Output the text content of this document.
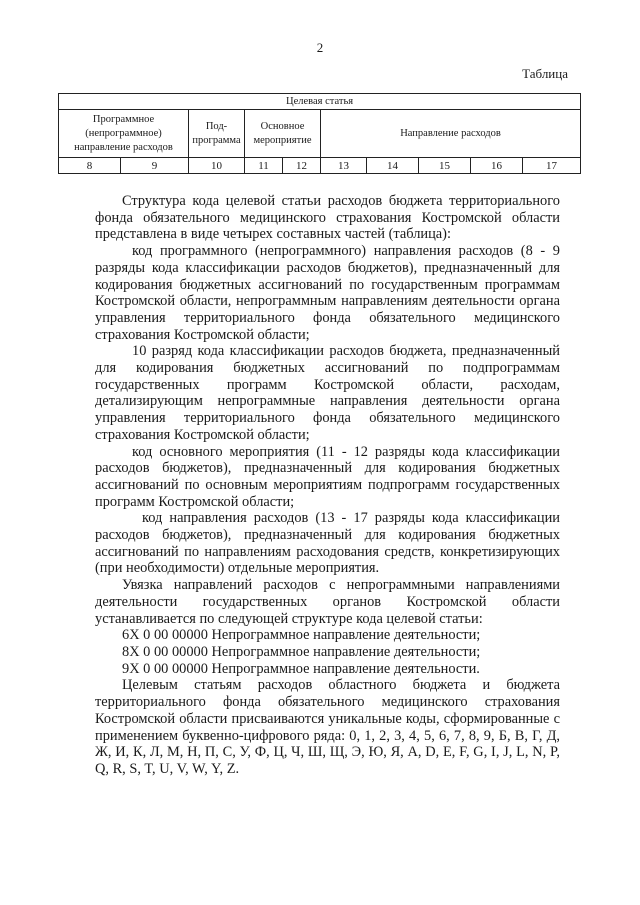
2
Таблица
Целевая статья									
Программное (непрограммное) направление расходов		Под- программа	Основное мероприятие		Направление расходов				
8	9	10	11	12	13	14	15	16	17

Структура кода целевой статьи расходов бюджета территориального фонда обязательного медицинского страхования Костромской области представлена в виде четырех составных частей (таблица):

код программного (непрограммного) направления расходов (8 - 9 разряды кода классификации расходов бюджетов), предназначенный для кодирования бюджетных ассигнований по государственным программам Костромской области, непрограммным направлениям деятельности органа управления территориального фонда обязательного медицинского страхования Костромской области;

10 разряд кода классификации расходов бюджета, предназначенный для кодирования бюджетных ассигнований по подпрограммам государственных программ Костромской области, расходам, детализирующим непрограммные направления деятельности органа управления территориального фонда обязательного медицинского страхования Костромской области;

код основного мероприятия (11 - 12 разряды кода классификации расходов бюджетов), предназначенный для кодирования бюджетных ассигнований по основным мероприятиям подпрограмм государственных программ Костромской области;

код направления расходов (13 - 17 разряды кода классификации расходов бюджетов), предназначенный для кодирования бюджетных ассигнований по направлениям расходования средств, конкретизирующих (при необходимости) отдельные мероприятия.

Увязка направлений расходов с непрограммными направлениями деятельности государственных органов Костромской области устанавливается по следующей структуре кода целевой статьи:

6Х 0 00 00000 Непрограммное направление деятельности;

8Х 0 00 00000 Непрограммное направление деятельности;

9Х 0 00 00000 Непрограммное направление деятельности.

Целевым статьям расходов областного бюджета и бюджета территориального фонда обязательного медицинского страхования Костромской области присваиваются уникальные коды, сформированные с применением буквенно-цифрового ряда: 0, 1, 2, 3, 4, 5, 6, 7, 8, 9, Б, В, Г, Д, Ж, И, К, Л, М, Н, П, С, У, Ф, Ц, Ч, Ш, Щ, Э, Ю, Я, A, D, E, F, G, I, J, L, N, P, Q, R, S, T, U, V, W, Y, Z.
